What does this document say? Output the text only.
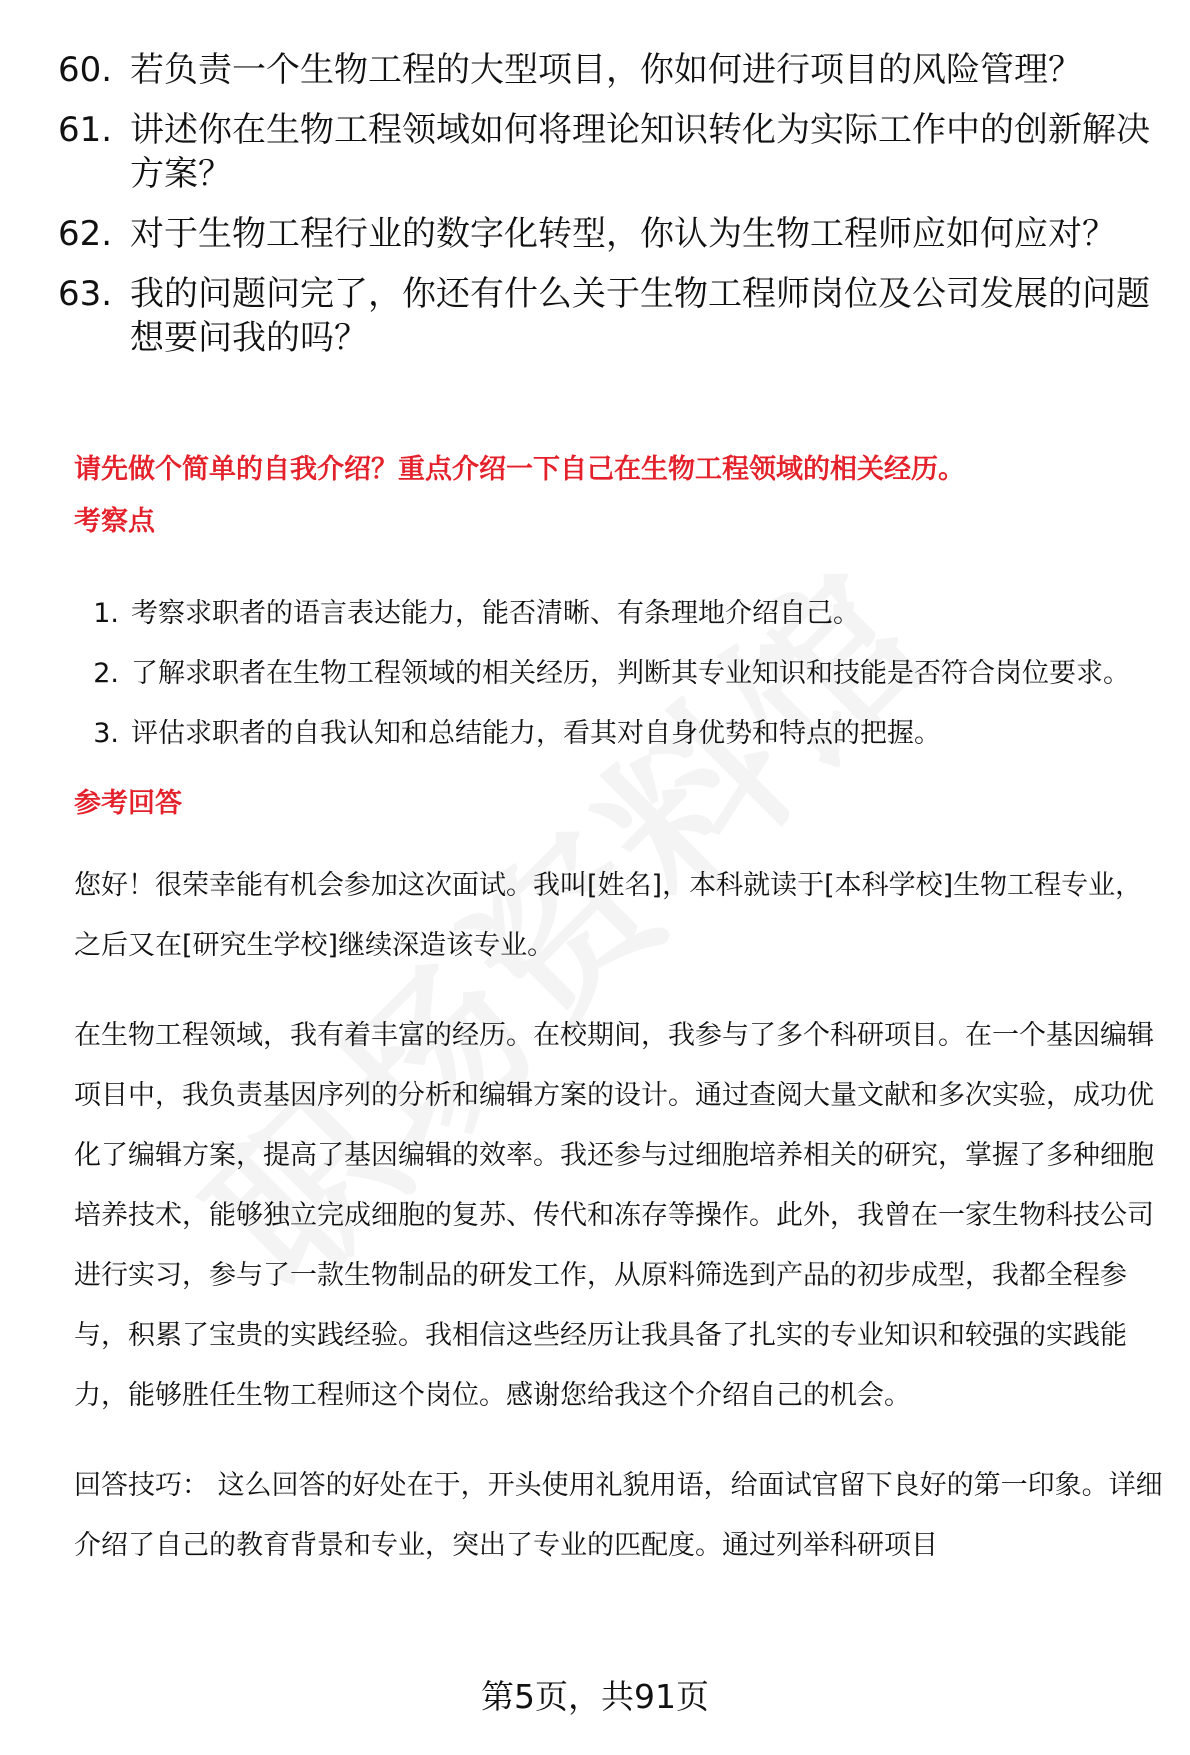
60. 若负责一个生物工程的大型项目，你如何进行项目的风险管理？
61. 讲述你在生物工程领域如何将理论知识转化为实际工作中的创新解决方案？
62. 对于生物工程行业的数字化转型，你认为生物工程师应如何应对？
63. 我的问题问完了，你还有什么关于生物工程师岗位及公司发展的问题想要问我的吗？

请先做个简单的自我介绍？重点介绍一下自己在生物工程领域的相关经历。

考察点

1. 考察求职者的语言表达能力，能否清晰、有条理地介绍自己。
2. 了解求职者在生物工程领域的相关经历，判断其专业知识和技能是否符合岗位要求。
3. 评估求职者的自我认知和总结能力，看其对自身优势和特点的把握。

参考回答

您好！很荣幸能有机会参加这次面试。我叫[姓名]，本科就读于[本科学校]生物工程专业，之后又在[研究生学校]继续深造该专业。

在生物工程领域，我有着丰富的经历。在校期间，我参与了多个科研项目。在一个基因编辑项目中，我负责基因序列的分析和编辑方案的设计。通过查阅大量文献和多次实验，成功优化了编辑方案，提高了基因编辑的效率。我还参与过细胞培养相关的研究，掌握了多种细胞培养技术，能够独立完成细胞的复苏、传代和冻存等操作。此外，我曾在一家生物科技公司进行实习，参与了一款生物制品的研发工作，从原料筛选到产品的初步成型，我都全程参与，积累了宝贵的实践经验。我相信这些经历让我具备了扎实的专业知识和较强的实践能力，能够胜任生物工程师这个岗位。感谢您给我这个介绍自己的机会。

回答技巧： 这么回答的好处在于，开头使用礼貌用语，给面试官留下良好的第一印象。详细介绍了自己的教育背景和专业，突出了专业的匹配度。通过列举科研项目

第5页，共91页
